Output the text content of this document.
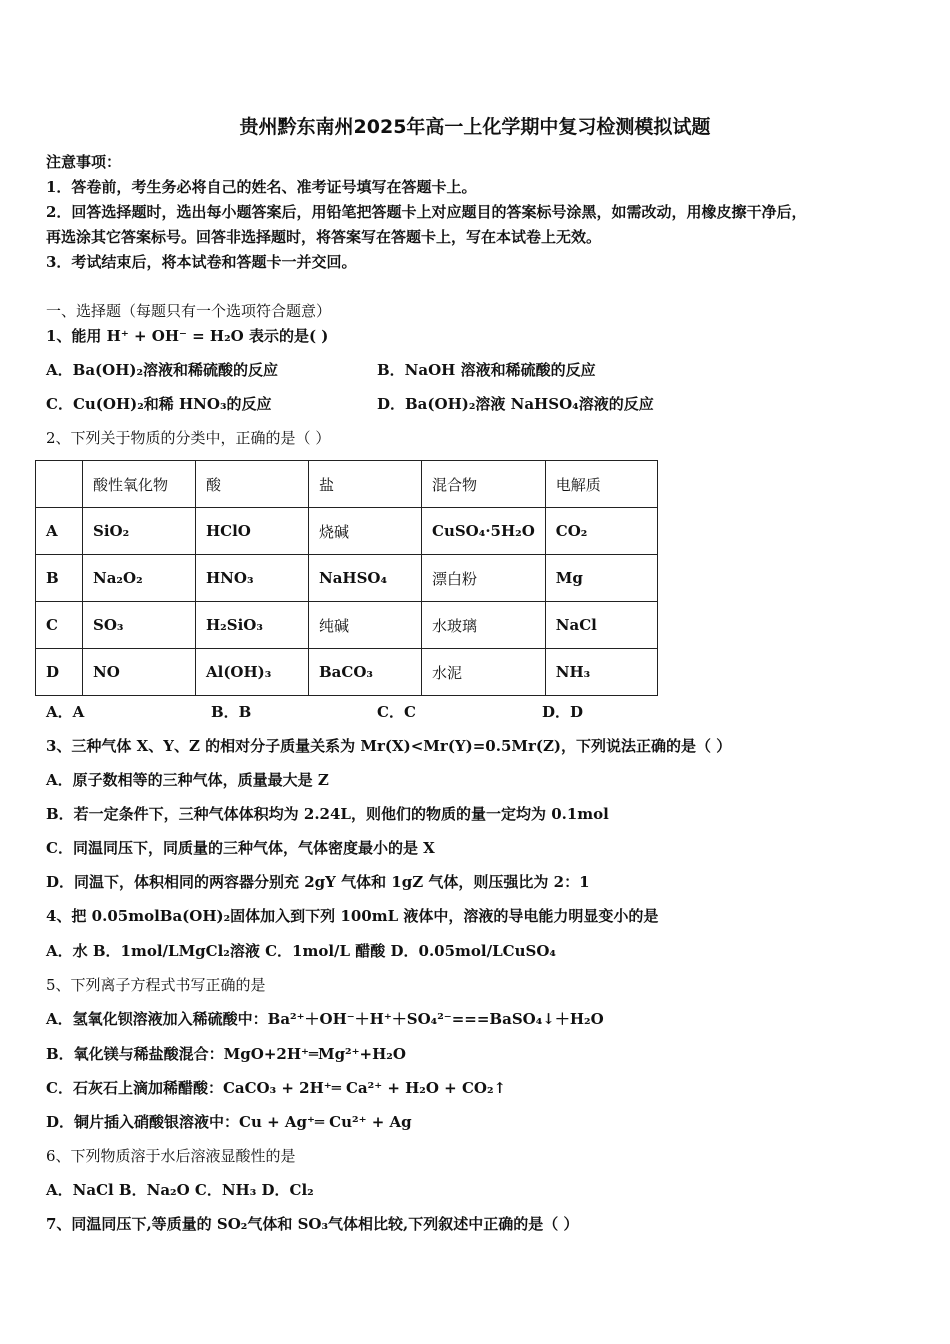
贵州黔东南州2025年高一上化学期中复习检测模拟试题
注意事项：
1．答卷前，考生务必将自己的姓名、准考证号填写在答题卡上。
2．回答选择题时，选出每小题答案后，用铅笔把答题卡上对应题目的答案标号涂黑，如需改动，用橡皮擦干净后，
再选涂其它答案标号。回答非选择题时，将答案写在答题卡上，写在本试卷上无效。
3．考试结束后，将本试卷和答题卡一并交回。
一、选择题（每题只有一个选项符合题意）
1、能用 H⁺ + OH⁻ = H₂O 表示的是( )
A．Ba(OH)₂溶液和稀硫酸的反应	B．NaOH 溶液和稀硫酸的反应
C．Cu(OH)₂和稀 HNO₃的反应	D．Ba(OH)₂溶液 NaHSO₄溶液的反应
2、下列关于物质的分类中，正确的是（ ）
	酸性氧化物	酸	盐	混合物	电解质
A	SiO₂	HClO	烧碱	CuSO₄·5H₂O	CO₂
B	Na₂O₂	HNO₃	NaHSO₄	漂白粉	Mg
C	SO₃	H₂SiO₃	纯碱	水玻璃	NaCl
D	NO	Al(OH)₃	BaCO₃	水泥	NH₃
A．A	B．B	C．C	D．D
3、三种气体 X、Y、Z 的相对分子质量关系为 Mr(X)<Mr(Y)=0.5Mr(Z)，下列说法正确的是（ ）
A．原子数相等的三种气体，质量最大是 Z
B．若一定条件下，三种气体体积均为 2.24L，则他们的物质的量一定均为 0.1mol
C．同温同压下，同质量的三种气体，气体密度最小的是 X
D．同温下，体积相同的两容器分别充 2gY 气体和 1gZ 气体，则压强比为 2：1
4、把 0.05molBa(OH)₂固体加入到下列 100mL 液体中，溶液的导电能力明显变小的是
A．水 B．1mol/LMgCl₂溶液 C．1mol/L 醋酸 D．0.05mol/LCuSO₄
5、下列离子方程式书写正确的是
A．氢氧化钡溶液加入稀硫酸中：Ba²⁺＋OH⁻＋H⁺＋SO₄²⁻===BaSO₄↓＋H₂O
B．氧化镁与稀盐酸混合：MgO+2H⁺═Mg²⁺+H₂O
C．石灰石上滴加稀醋酸：CaCO₃ + 2H⁺═ Ca²⁺ + H₂O + CO₂↑
D．铜片插入硝酸银溶液中：Cu + Ag⁺═ Cu²⁺ + Ag
6、下列物质溶于水后溶液显酸性的是
A．NaCl B．Na₂O C．NH₃ D．Cl₂
7、同温同压下,等质量的 SO₂气体和 SO₃气体相比较,下列叙述中正确的是（ ）
